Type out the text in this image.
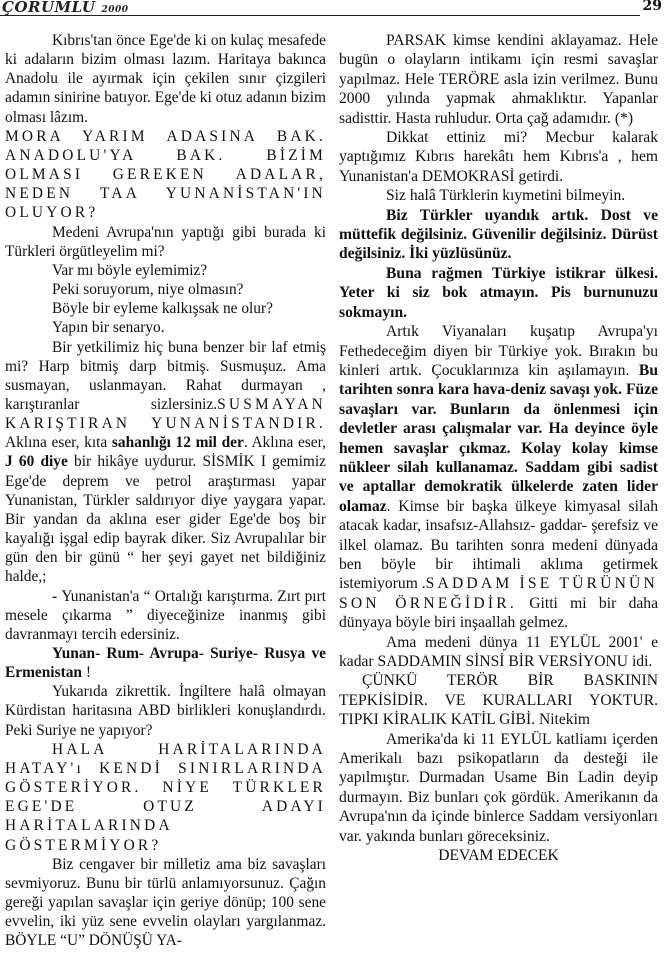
ÇORUMLU 2000	29

Kıbrıs'tan önce Ege'de ki on kulaç mesafede ki adaların bizim olması lazım. Haritaya bakınca Anadolu ile ayırmak için çekilen sınır çizgileri adamın sinirine batıyor. Ege'de ki otuz adanın bizim olması lâzım.

MORA YARIM ADASINA BAK. ANADOLU'YA BAK. BİZİM OLMASI GEREKEN ADALAR, NEDEN TAA YUNANİSTAN'IN OLUYOR?

Medeni Avrupa'nın yaptığı gibi burada ki Türkleri örgütleyelim mi?

Var mı böyle eylemimiz?

Peki soruyorum, niye olmasın?

Böyle bir eyleme kalkışsak ne olur?

Yapın bir senaryo.

Bir yetkilimiz hiç buna benzer bir laf etmiş mi? Harp bitmiş darp bitmiş. Susmuşuz. Ama susmayan, uslanmayan. Rahat durmayan , karıştıranlar sizlersiniz.SUSMAYAN KARIŞTIRAN YUNANİSTANDIR. Aklına eser, kıta sahanlığı 12 mil der. Aklına eser, J 60 diye bir hikâye uydurur. SİSMİK I gemimiz Ege'de deprem ve petrol araştırması yapar Yunanistan, Türkler saldırıyor diye yaygara yapar. Bir yandan da aklına eser gider Ege'de boş bir kayalığı işgal edip bayrak diker. Siz Avrupalılar bir gün den bir günü “ her şeyi gayet net bildiğiniz halde,;

- Yunanistan'a “ Ortalığı karıştırma. Zırt pırt mesele çıkarma ” diyeceğinize inanmış gibi davranmayı tercih edersiniz.

Yunan- Rum- Avrupa- Suriye- Rusya ve Ermenistan !

Yukarıda zikrettik. İngiltere halâ olmayan Kürdistan haritasına ABD birlikleri konuşlandırdı. Peki Suriye ne yapıyor?

HALA HARİTALARINDA HATAY'ı KENDİ SINIRLARINDA GÖSTERİYOR. NİYE TÜRKLER EGE'DE OTUZ ADAYI HARİTALARINDA GÖSTERMİYOR?

Biz cengaver bir milletiz ama biz savaşları sevmiyoruz. Bunu bir türlü anlamıyorsunuz. Çağın gereği yapılan savaşlar için geriye dönüp; 100 sene evvelin, iki yüz sene evvelin olayları yargılanmaz. BÖYLE “U” DÖNÜŞÜ YA-

PARSAK kimse kendini aklayamaz. Hele bugün o olayların intikamı için resmi savaşlar yapılmaz. Hele TERÖRE asla izin verilmez. Bunu 2000 yılında yapmak ahmaklıktır. Yapanlar sadisttir. Hasta ruhludur. Orta çağ adamıdır. (*)

Dikkat ettiniz mi? Mecbur kalarak yaptığımız Kıbrıs harekâtı hem Kıbrıs'a , hem Yunanistan'a DEMOKRASİ getirdi.

Siz halâ Türklerin kıymetini bilmeyin.

Biz Türkler uyandık artık. Dost ve müttefik değilsiniz. Güvenilir değilsiniz. Dürüst değilsiniz. İki yüzlüsünüz.

Buna rağmen Türkiye istikrar ülkesi. Yeter ki siz bok atmayın. Pis burnunuzu sokmayın.

Artık Viyanaları kuşatıp Avrupa'yı Fethedeceğim diyen bir Türkiye yok. Bırakın bu kinleri artık. Çocuklarınıza kin aşılamayın. Bu tarihten sonra kara hava-deniz savaşı yok. Füze savaşları var. Bunların da önlenmesi için devletler arası çalışmalar var. Ha deyince öyle hemen savaşlar çıkmaz. Kolay kolay kimse nükleer silah kullanamaz. Saddam gibi sadist ve aptallar demokratik ülkelerde zaten lider olamaz. Kimse bir başka ülkeye kimyasal silah atacak kadar, insafsız-Allahsız- gaddar- şerefsiz ve ilkel olamaz. Bu tarihten sonra medeni dünyada ben böyle bir ihtimali aklıma getirmek istemiyorum .SADDAM İSE TÜRÜNÜN SON ÖRNEĞİDİR. Gitti mi bir daha dünyaya böyle biri inşaallah gelmez.

Ama medeni dünya 11 EYLÜL 2001' e kadar SADDAMIN SİNSİ BİR VERSİYONU idi.

ÇÜNKÜ TERÖR BİR BASKININ TEPKİSİDİR. VE KURALLARI YOKTUR. TIPKI KİRALIK KATİL GİBİ. Nitekim

Amerika'da ki 11 EYLÜL katliamı içerden Amerikalı bazı psikopatların da desteği ile yapılmıştır. Durmadan Usame Bin Ladin deyip durmayın. Biz bunları çok gördük. Amerikanın da Avrupa'nın da içinde binlerce Saddam versiyonları var. yakında bunları göreceksiniz.

DEVAM EDECEK
